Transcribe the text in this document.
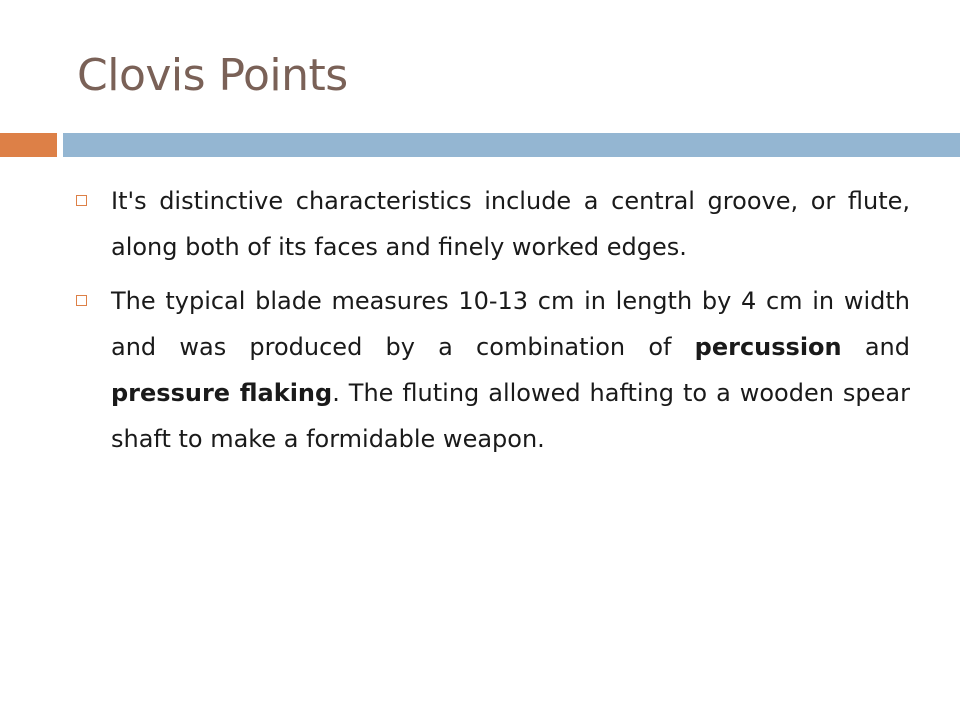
Clovis Points
It's distinctive characteristics include a central groove, or flute, along both of its faces and finely worked edges.
The typical blade measures 10-13 cm in length by 4 cm in width and was produced by a combination of percussion and pressure flaking. The fluting allowed hafting to a wooden spear shaft to make a formidable weapon.
